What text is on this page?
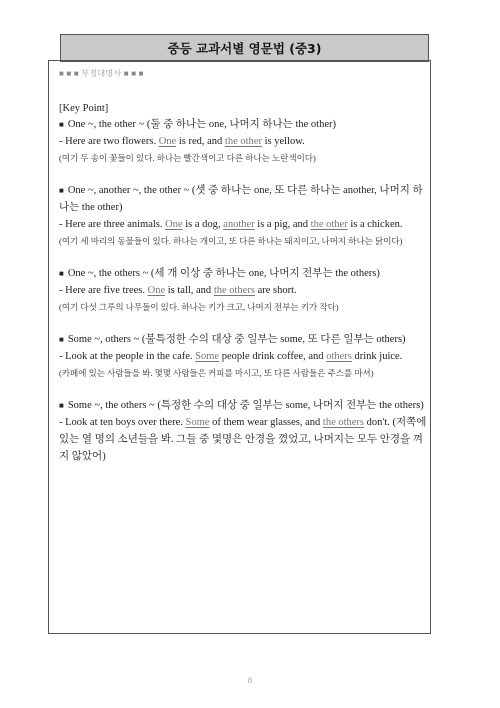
중등 교과서별 영문법 (중3)
■ ■ ■ 부정대명사 ■ ■ ■
[Key Point]
■ One ~, the other ~ (둘 중 하나는 one, 나머지 하나는 the other)
- Here are two flowers. One is red, and the other is yellow.
(여기 두 송이 꽃들이 있다. 하나는 빨간색이고 다른 하나는 노란색이다)
■ One ~, another ~, the other ~ (셋 중 하나는 one, 또 다른 하나는 another, 나머지 하나는 the other)
- Here are three animals. One is a dog, another is a pig, and the other is a chicken.
(여기 세 마리의 동물들이 있다. 하나는 개이고, 또 다른 하나는 돼지이고, 나머지 하나는 닭이다)
■ One ~, the others ~ (세 개 이상 중 하나는 one, 나머지 전부는 the others)
- Here are five trees. One is tall, and the others are short.
(여기 다섯 그루의 나무들이 있다. 하나는 키가 크고, 나머지 전부는 키가 작다)
■ Some ~, others ~ (불특정한 수의 대상 중 일부는 some, 또 다른 일부는 others)
- Look at the people in the cafe. Some people drink coffee, and others drink juice.
(카페에 있는 사람들을 봐. 몇몇 사람들은 커피를 마시고, 또 다른 사람들은 주스를 마셔)
■ Some ~, the others ~ (특정한 수의 대상 중 일부는 some, 나머지 전부는 the others)
- Look at ten boys over there. Some of them wear glasses, and the others don't. (저쪽에 있는 열 명의 소년들을 봐. 그들 중 몇명은 안경을 꼈었고, 나머지는 모두 안경을 껴지 않았어)
8
